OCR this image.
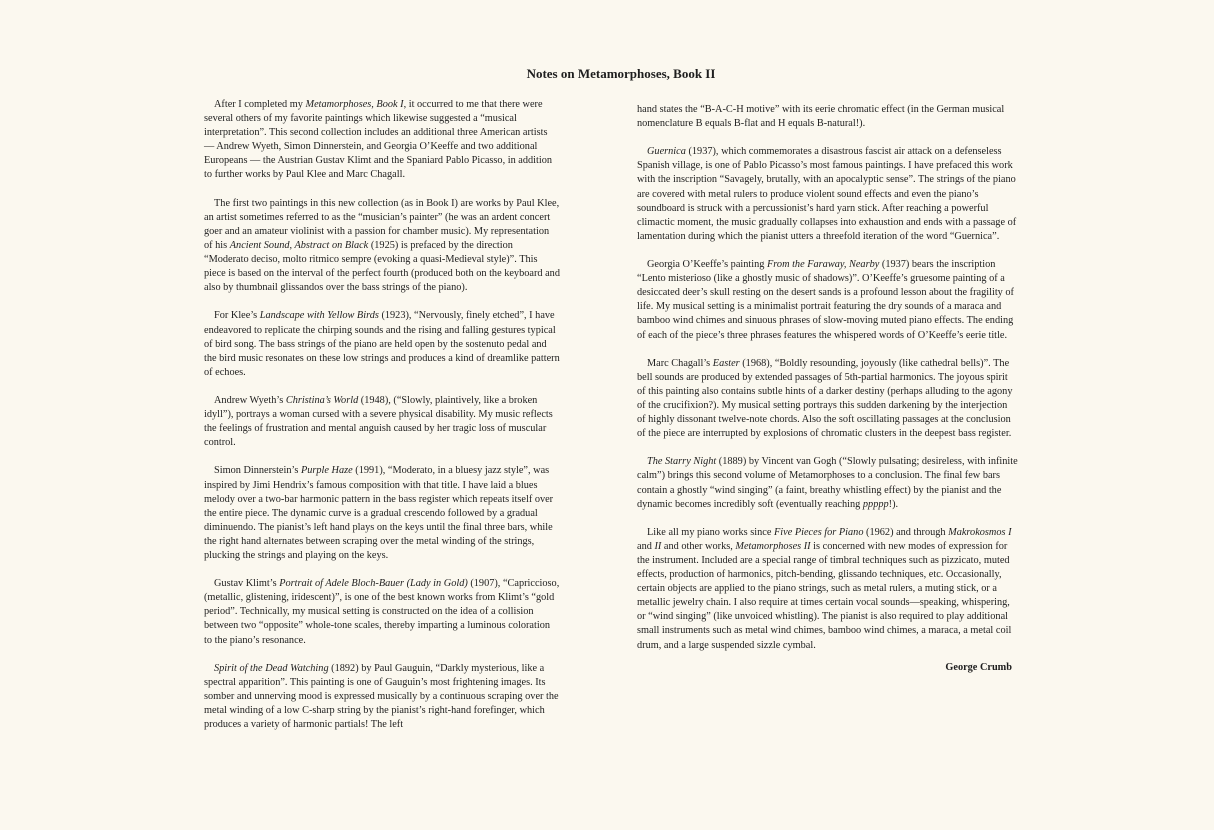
Notes on Metamorphoses, Book II

After I completed my Metamorphoses, Book I, it occurred to me that there were several others of my favorite paintings which likewise suggested a “musical interpretation”. This second collection includes an additional three American artists — Andrew Wyeth, Simon Dinnerstein, and Georgia O’Keeffe and two additional Europeans — the Austrian Gustav Klimt and the Spaniard Pablo Picasso, in addition to further works by Paul Klee and Marc Chagall.

The first two paintings in this new collection (as in Book I) are works by Paul Klee, an artist sometimes referred to as the “musician’s painter” (he was an ardent concert goer and an amateur violinist with a passion for chamber music). My representation of his Ancient Sound, Abstract on Black (1925) is prefaced by the direction “Moderato deciso, molto ritmico sempre (evoking a quasi-Medieval style)”. This piece is based on the interval of the perfect fourth (produced both on the keyboard and also by thumbnail glissandos over the bass strings of the piano).

For Klee’s Landscape with Yellow Birds (1923), “Nervously, finely etched”, I have endeavored to replicate the chirping sounds and the rising and falling gestures typical of bird song. The bass strings of the piano are held open by the sostenuto pedal and the bird music resonates on these low strings and produces a kind of dreamlike pattern of echoes.

Andrew Wyeth’s Christina’s World (1948), (“Slowly, plaintively, like a broken idyll”), portrays a woman cursed with a severe physical disability. My music reflects the feelings of frustration and mental anguish caused by her tragic loss of muscular control.

Simon Dinnerstein’s Purple Haze (1991), “Moderato, in a bluesy jazz style”, was inspired by Jimi Hendrix’s famous composition with that title. I have laid a blues melody over a two-bar harmonic pattern in the bass register which repeats itself over the entire piece. The dynamic curve is a gradual crescendo followed by a gradual diminuendo. The pianist’s left hand plays on the keys until the final three bars, while the right hand alternates between scraping over the metal winding of the strings, plucking the strings and playing on the keys.

Gustav Klimt’s Portrait of Adele Bloch-Bauer (Lady in Gold) (1907), “Capriccioso, (metallic, glistening, iridescent)”, is one of the best known works from Klimt’s “gold period”. Technically, my musical setting is constructed on the idea of a collision between two “opposite” whole-tone scales, thereby imparting a luminous coloration to the piano’s resonance.

Spirit of the Dead Watching (1892) by Paul Gauguin, “Darkly mysterious, like a spectral apparition”. This painting is one of Gauguin’s most frightening images. Its somber and unnerving mood is expressed musically by a continuous scraping over the metal winding of a low C-sharp string by the pianist’s right-hand forefinger, which produces a variety of harmonic partials! The left

hand states the “B-A-C-H motive” with its eerie chromatic effect (in the German musical nomenclature B equals B-flat and H equals B-natural!).

Guernica (1937), which commemorates a disastrous fascist air attack on a defenseless Spanish village, is one of Pablo Picasso’s most famous paintings. I have prefaced this work with the inscription “Savagely, brutally, with an apocalyptic sense”. The strings of the piano are covered with metal rulers to produce violent sound effects and even the piano’s soundboard is struck with a percussionist’s hard yarn stick. After reaching a powerful climactic moment, the music gradually collapses into exhaustion and ends with a passage of lamentation during which the pianist utters a threefold iteration of the word “Guernica”.

Georgia O’Keeffe’s painting From the Faraway, Nearby (1937) bears the inscription “Lento misterioso (like a ghostly music of shadows)”. O’Keeffe’s gruesome painting of a desiccated deer’s skull resting on the desert sands is a profound lesson about the fragility of life. My musical setting is a minimalist portrait featuring the dry sounds of a maraca and bamboo wind chimes and sinuous phrases of slow-moving muted piano effects. The ending of each of the piece’s three phrases features the whispered words of O’Keeffe’s eerie title.

Marc Chagall’s Easter (1968), “Boldly resounding, joyously (like cathedral bells)”. The bell sounds are produced by extended passages of 5th-partial harmonics. The joyous spirit of this painting also contains subtle hints of a darker destiny (perhaps alluding to the agony of the crucifixion?). My musical setting portrays this sudden darkening by the interjection of highly dissonant twelve-note chords. Also the soft oscillating passages at the conclusion of the piece are interrupted by explosions of chromatic clusters in the deepest bass register.

The Starry Night (1889) by Vincent van Gogh (“Slowly pulsating; desireless, with infinite calm”) brings this second volume of Metamorphoses to a conclusion. The final few bars contain a ghostly “wind singing” (a faint, breathy whistling effect) by the pianist and the dynamic becomes incredibly soft (eventually reaching ppppp!).

Like all my piano works since Five Pieces for Piano (1962) and through Makrokosmos I and II and other works, Metamorphoses II is concerned with new modes of expression for the instrument. Included are a special range of timbral techniques such as pizzicato, muted effects, production of harmonics, pitch-bending, glissando techniques, etc. Occasionally, certain objects are applied to the piano strings, such as metal rulers, a muting stick, or a metallic jewelry chain. I also require at times certain vocal sounds—speaking, whispering, or “wind singing” (like unvoiced whistling). The pianist is also required to play additional small instruments such as metal wind chimes, bamboo wind chimes, a maraca, a metal coil drum, and a large suspended sizzle cymbal.

George Crumb
